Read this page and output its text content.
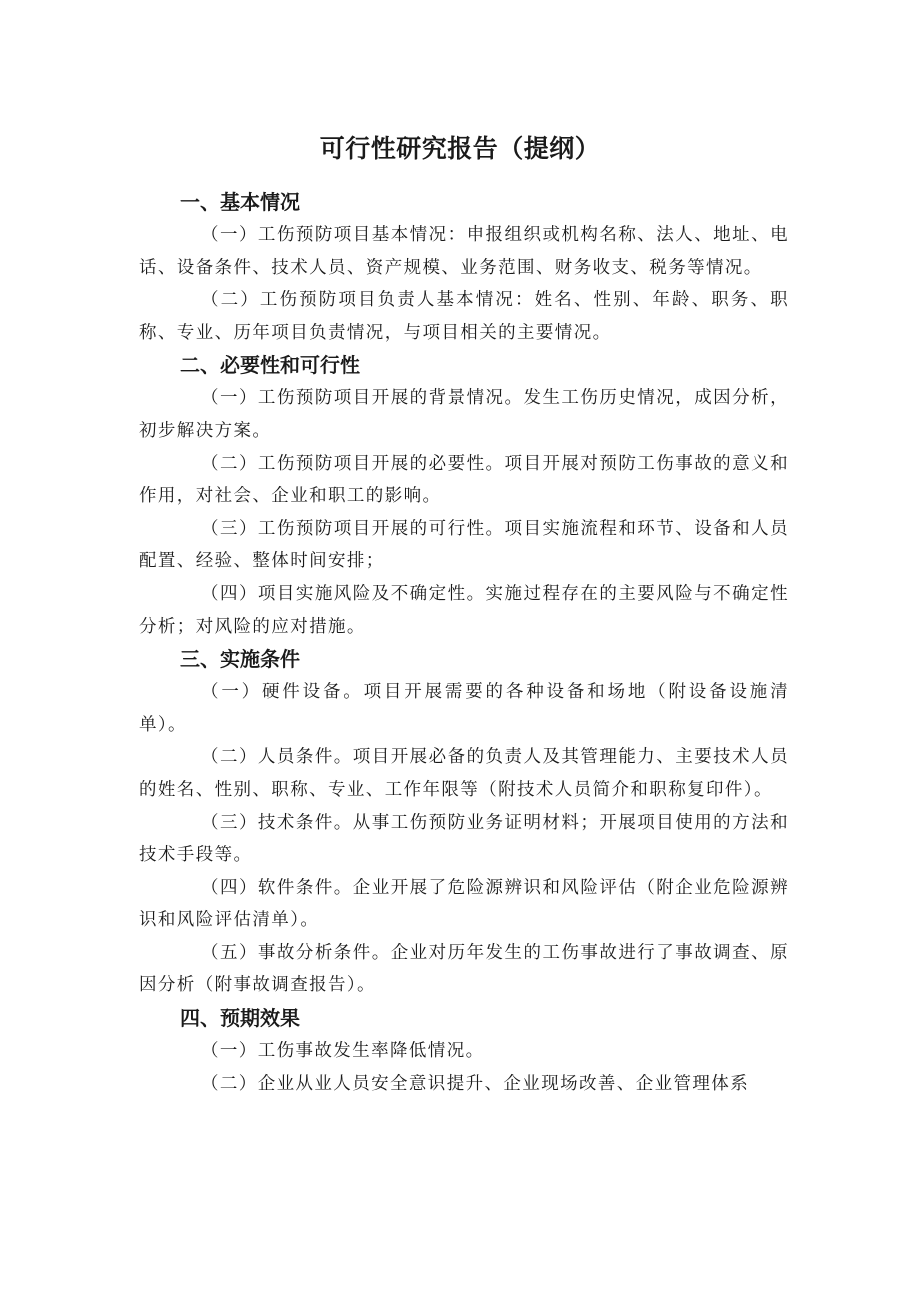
可行性研究报告（提纲）
一、基本情况

（一）工伤预防项目基本情况：申报组织或机构名称、法人、地址、电话、设备条件、技术人员、资产规模、业务范围、财务收支、税务等情况。

（二）工伤预防项目负责人基本情况：姓名、性别、年龄、职务、职称、专业、历年项目负责情况，与项目相关的主要情况。

二、必要性和可行性

（一）工伤预防项目开展的背景情况。发生工伤历史情况，成因分析，初步解决方案。

（二）工伤预防项目开展的必要性。项目开展对预防工伤事故的意义和作用，对社会、企业和职工的影响。

（三）工伤预防项目开展的可行性。项目实施流程和环节、设备和人员配置、经验、整体时间安排；

（四）项目实施风险及不确定性。实施过程存在的主要风险与不确定性分析；对风险的应对措施。

三、实施条件

（一）硬件设备。项目开展需要的各种设备和场地（附设备设施清单）。

（二）人员条件。项目开展必备的负责人及其管理能力、主要技术人员的姓名、性别、职称、专业、工作年限等（附技术人员简介和职称复印件）。

（三）技术条件。从事工伤预防业务证明材料；开展项目使用的方法和技术手段等。

（四）软件条件。企业开展了危险源辨识和风险评估（附企业危险源辨识和风险评估清单）。

（五）事故分析条件。企业对历年发生的工伤事故进行了事故调查、原因分析（附事故调查报告）。

四、预期效果

（一）工伤事故发生率降低情况。

（二）企业从业人员安全意识提升、企业现场改善、企业管理体系
